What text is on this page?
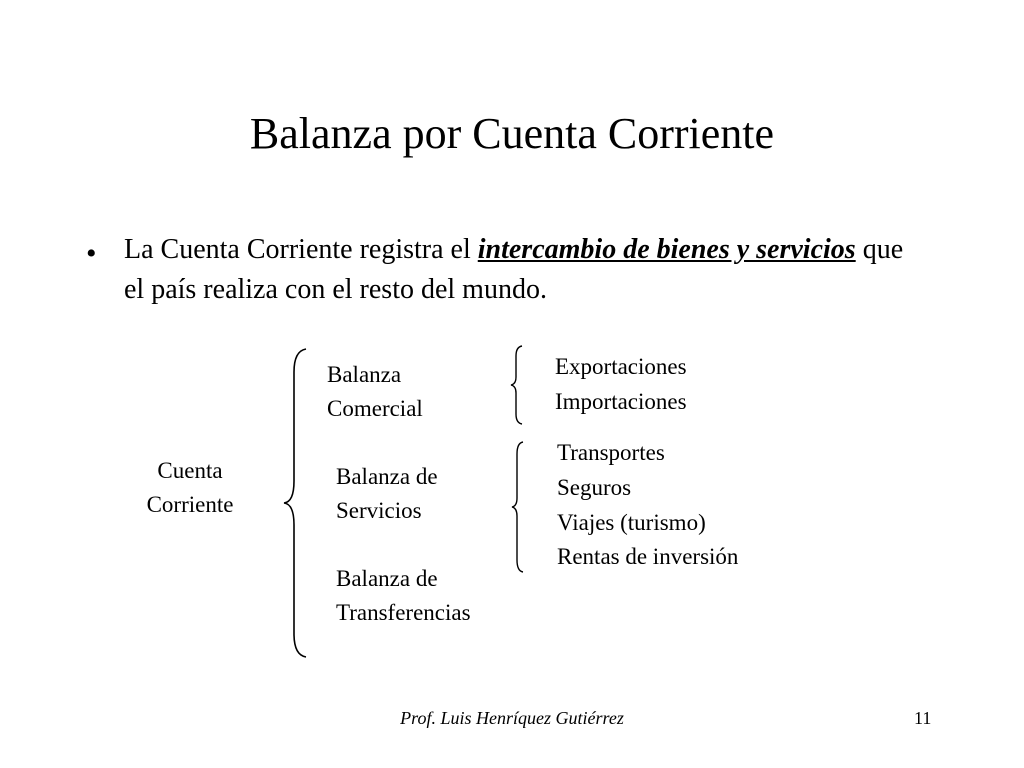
Balanza por Cuenta Corriente
• La Cuenta Corriente registra el intercambio de bienes y servicios que el país realiza con el resto del mundo.
Cuenta Corriente
Balanza Comercial
Balanza de Servicios
Balanza de Transferencias
Exportaciones
Importaciones
Transportes
Seguros
Viajes (turismo)
Rentas de inversión
Prof. Luis Henríquez Gutiérrez	11
